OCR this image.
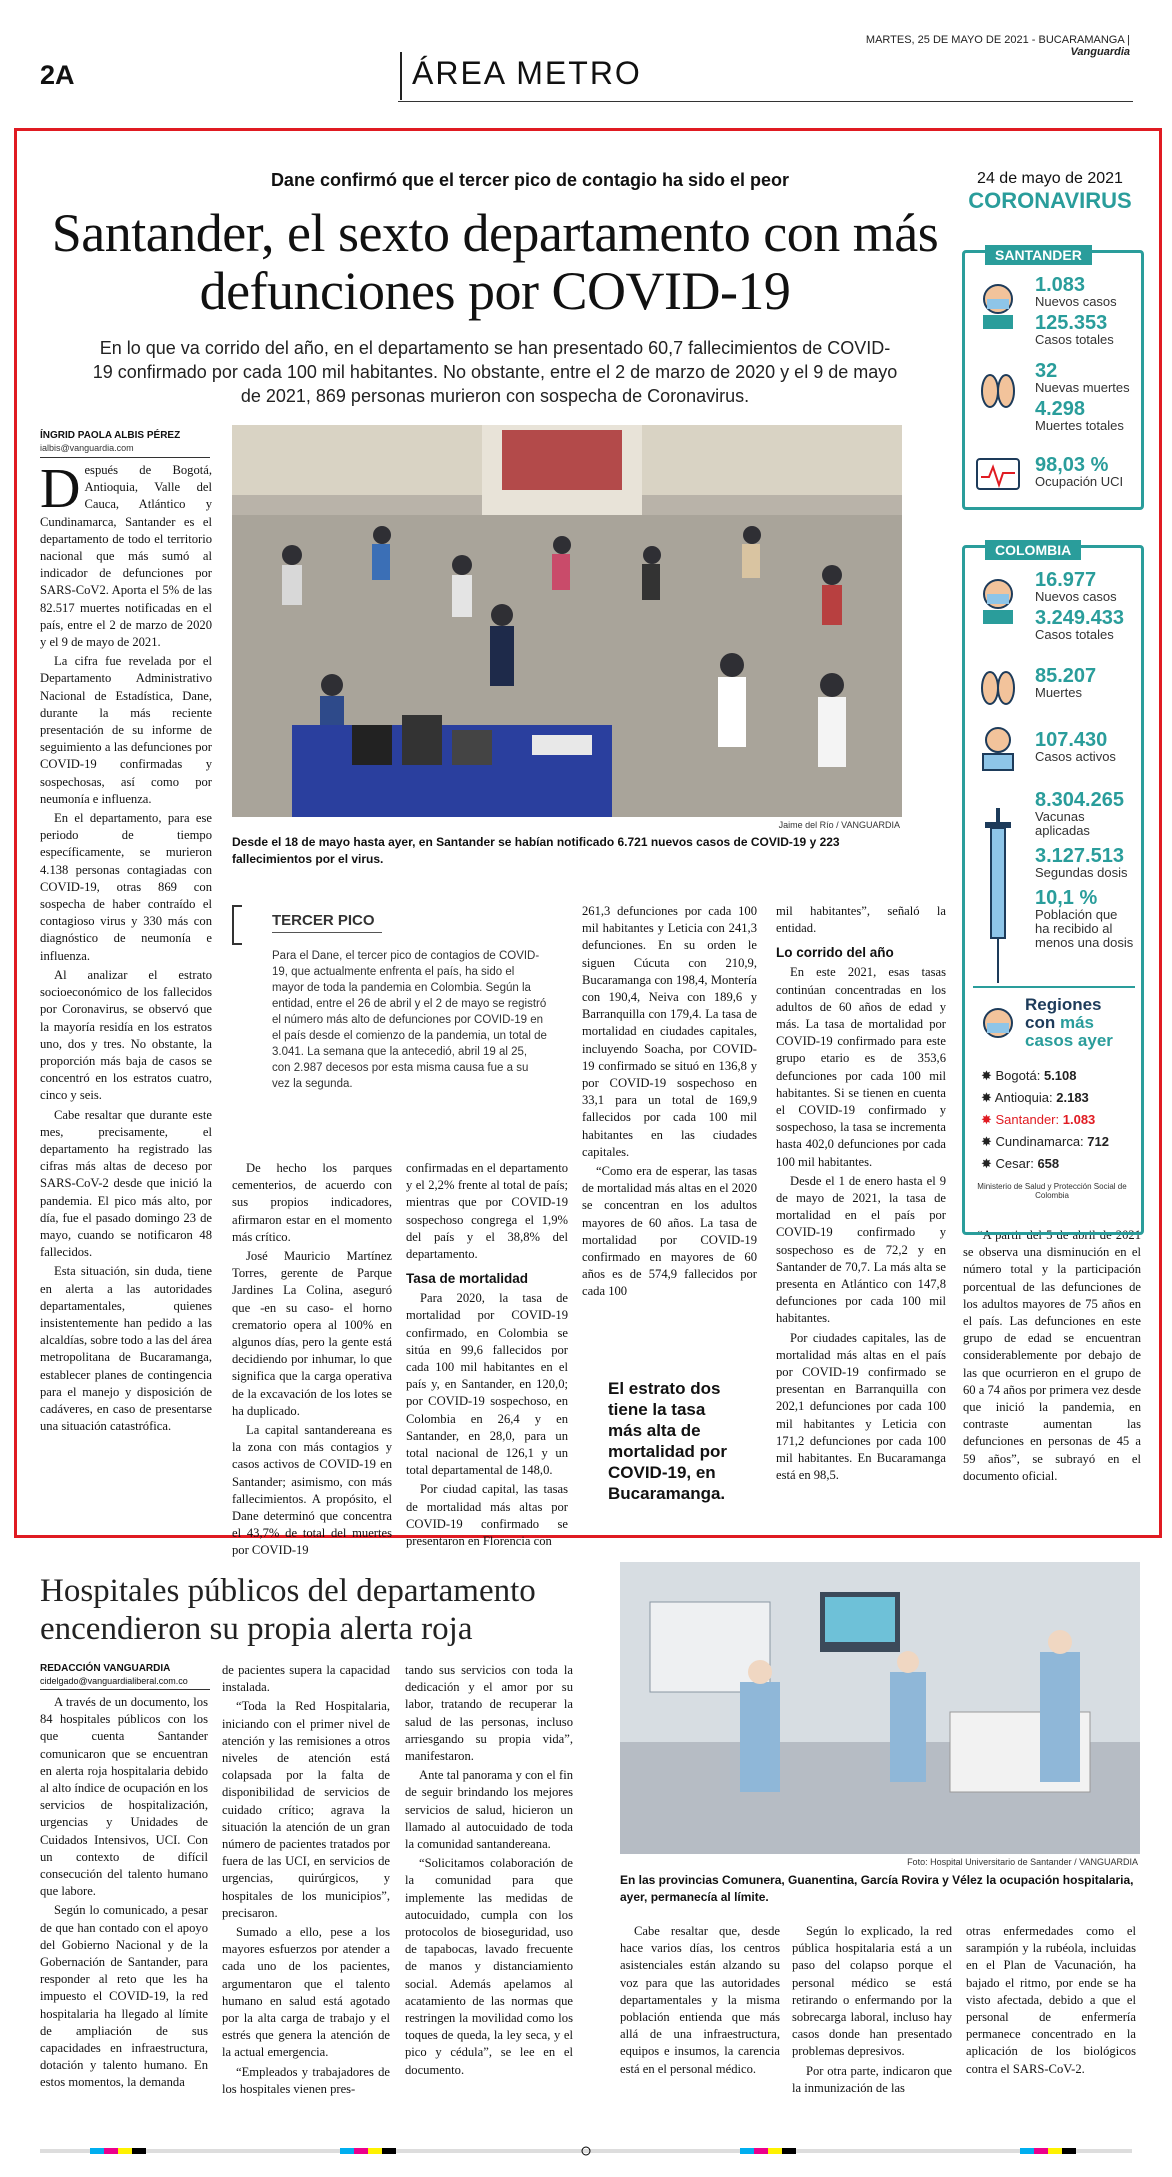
MARTES, 25 DE MAYO DE 2021 - BUCARAMANGA | Vanguardia
2A	ÁREA METRO
Dane confirmó que el tercer pico de contagio ha sido el peor
Santander, el sexto departamento con más defunciones por COVID-19
En lo que va corrido del año, en el departamento se han presentado 60,7 fallecimientos de COVID-19 confirmado por cada 100 mil habitantes. No obstante, entre el 2 de marzo de 2020 y el 9 de mayo de 2021, 869 personas murieron con sospecha de Coronavirus.
ÍNGRID PAOLA ALBIS PÉREZ
ialbis@vanguardia.com

Después de Bogotá, Antioquia, Valle del Cauca, Atlántico y Cundinamarca, Santander es el departamento de todo el territorio nacional que más sumó al indicador de defunciones por SARS-CoV2. Aporta el 5% de las 82.517 muertes notificadas en el país, entre el 2 de marzo de 2020 y el 9 de mayo de 2021.

La cifra fue revelada por el Departamento Administrativo Nacional de Estadística, Dane, durante la más reciente presentación de su informe de seguimiento a las defunciones por COVID-19 confirmadas y sospechosas, así como por neumonía e influenza.

En el departamento, para ese periodo de tiempo específicamente, se murieron 4.138 personas contagiadas con COVID-19, otras 869 con sospecha de haber contraído el contagioso virus y 330 más con diagnóstico de neumonía e influenza.

Al analizar el estrato socioeconómico de los fallecidos por Coronavirus, se observó que la mayoría residía en los estratos uno, dos y tres. No obstante, la proporción más baja de casos se concentró en los estratos cuatro, cinco y seis.

Cabe resaltar que durante este mes, precisamente, el departamento ha registrado las cifras más altas de deceso por SARS-CoV-2 desde que inició la pandemia. El pico más alto, por día, fue el pasado domingo 23 de mayo, cuando se notificaron 48 fallecidos.

Esta situación, sin duda, tiene en alerta a las autoridades departamentales, quienes insistentemente han pedido a las alcaldías, sobre todo a las del área metropolitana de Bucaramanga, establecer planes de contingencia para el manejo y disposición de cadáveres, en caso de presentarse una situación catastrófica.

Jaime del Río / VANGUARDIA
Desde el 18 de mayo hasta ayer, en Santander se habían notificado 6.721 nuevos casos de COVID-19 y 223 fallecimientos por el virus.
TERCER PICO
Para el Dane, el tercer pico de contagios de COVID-19, que actualmente enfrenta el país, ha sido el mayor de toda la pandemia en Colombia. Según la entidad, entre el 26 de abril y el 2 de mayo se registró el número más alto de defunciones por COVID-19 en el país desde el comienzo de la pandemia, un total de 3.041. La semana que la antecedió, abril 19 al 25, con 2.987 decesos por esta misma causa fue a su vez la segunda.

De hecho los parques cementerios, de acuerdo con sus propios indicadores, afirmaron estar en el momento más crítico.

José Mauricio Martínez Torres, gerente de Parque Jardines La Colina, aseguró que -en su caso- el horno crematorio opera al 100% en algunos días, pero la gente está decidiendo por inhumar, lo que significa que la carga operativa de la excavación de los lotes se ha duplicado.

La capital santandereana es la zona con más contagios y casos activos de COVID-19 en Santander; asimismo, con más fallecimientos. A propósito, el Dane determinó que concentra el 43,7% de total del muertes por COVID-19

confirmadas en el departamento y el 2,2% frente al total de país; mientras que por COVID-19 sospechoso congrega el 1,9% del país y el 38,8% del departamento.

Tasa de mortalidad

Para 2020, la tasa de mortalidad por COVID-19 confirmado, en Colombia se sitúa en 99,6 fallecidos por cada 100 mil habitantes en el país y, en Santander, en 120,0; por COVID-19 sospechoso, en Colombia en 26,4 y en Santander, en 28,0, para un total nacional de 126,1 y un total departamental de 148,0.

Por ciudad capital, las tasas de mortalidad más altas por COVID-19 confirmado se presentaron en Florencia con

261,3 defunciones por cada 100 mil habitantes y Leticia con 241,3 defunciones. En su orden le siguen Cúcuta con 210,9, Bucaramanga con 198,4, Montería con 190,4, Neiva con 189,6 y Barranquilla con 179,4. La tasa de mortalidad en ciudades capitales, incluyendo Soacha, por COVID-19 confirmado se situó en 136,8 y por COVID-19 sospechoso en 33,1 para un total de 169,9 fallecidos por cada 100 mil habitantes en las ciudades capitales.

“Como era de esperar, las tasas de mortalidad más altas en el 2020 se concentran en los adultos mayores de 60 años. La tasa de mortalidad por COVID-19 confirmado en mayores de 60 años es de 574,9 fallecidos por cada 100

El estrato dos tiene la tasa más alta de mortalidad por COVID-19, en Bucaramanga.

mil habitantes”, señaló la entidad.

Lo corrido del año

En este 2021, esas tasas continúan concentradas en los adultos de 60 años de edad y más. La tasa de mortalidad por COVID-19 confirmado para este grupo etario es de 353,6 defunciones por cada 100 mil habitantes. Si se tienen en cuenta el COVID-19 confirmado y sospechoso, la tasa se incrementa hasta 402,0 defunciones por cada 100 mil habitantes.

Desde el 1 de enero hasta el 9 de mayo de 2021, la tasa de mortalidad en el país por COVID-19 confirmado y sospechoso es de 72,2 y en Santander de 70,7. La más alta se presenta en Atlántico con 147,8 defunciones por cada 100 mil habitantes.

Por ciudades capitales, las de mortalidad más altas en el país por COVID-19 confirmado se presentan en Barranquilla con 202,1 defunciones por cada 100 mil habitantes y Leticia con 171,2 defunciones por cada 100 mil habitantes. En Bucaramanga está en 98,5.

“A partir del 5 de abril de 2021 se observa una disminución en el número total y la participación porcentual de las defunciones de los adultos mayores de 75 años en el país. Las defunciones en este grupo de edad se encuentran considerablemente por debajo de las que ocurrieron en el grupo de 60 a 74 años por primera vez desde que inició la pandemia, en contraste aumentan las defunciones en personas de 45 a 59 años”, se subrayó en el documento oficial.

24 de mayo de 2021
CORONAVIRUS
SANTANDER
1.083
Nuevos casos
125.353
Casos totales
32
Nuevas muertes
4.298
Muertes totales
98,03 %
Ocupación UCI
COLOMBIA
16.977
Nuevos casos
3.249.433
Casos totales
85.207
Muertes
107.430
Casos activos
8.304.265
Vacunas aplicadas
3.127.513
Segundas dosis
10,1 %
Población que ha recibido al menos una dosis
Regiones
con más
casos ayer
✸ Bogotá: 5.108
✸ Antioquia: 2.183
✸ Santander: 1.083
✸ Cundinamarca: 712
✸ Cesar: 658
Ministerio de Salud y Protección Social de Colombia
Hospitales públicos del departamento encendieron su propia alerta roja
REDACCIÓN VANGUARDIA
cidelgado@vanguardialiberal.com.co

A través de un documento, los 84 hospitales públicos con los que cuenta Santander comunicaron que se encuentran en alerta roja hospitalaria debido al alto índice de ocupación en los servicios de hospitalización, urgencias y Unidades de Cuidados Intensivos, UCI. Con un contexto de difícil consecución del talento humano que labore.

Según lo comunicado, a pesar de que han contado con el apoyo del Gobierno Nacional y de la Gobernación de Santander, para responder al reto que les ha impuesto el COVID-19, la red hospitalaria ha llegado al límite de ampliación de sus capacidades en infraestructura, dotación y talento humano. En estos momentos, la demanda

de pacientes supera la capacidad instalada.

“Toda la Red Hospitalaria, iniciando con el primer nivel de atención y las remisiones a otros niveles de atención está colapsada por la falta de disponibilidad de servicios de cuidado crítico; agrava la situación la atención de un gran número de pacientes tratados por fuera de las UCI, en servicios de urgencias, quirúrgicos, y hospitales de los municipios”, precisaron.

Sumado a ello, pese a los mayores esfuerzos por atender a cada uno de los pacientes, argumentaron que el talento humano en salud está agotado por la alta carga de trabajo y el estrés que genera la atención de la actual emergencia.

“Empleados y trabajadores de los hospitales vienen pres-

tando sus servicios con toda la dedicación y el amor por su labor, tratando de recuperar la salud de las personas, incluso arriesgando su propia vida”, manifestaron.

Ante tal panorama y con el fin de seguir brindando los mejores servicios de salud, hicieron un llamado al autocuidado de toda la comunidad santandereana.

“Solicitamos colaboración de la comunidad para que implemente las medidas de autocuidado, cumpla con los protocolos de bioseguridad, uso de tapabocas, lavado frecuente de manos y distanciamiento social. Además apelamos al acatamiento de las normas que restringen la movilidad como los toques de queda, la ley seca, y el pico y cédula”, se lee en el documento.

Foto: Hospital Universitario de Santander / VANGUARDIA
En las provincias Comunera, Guanentina, García Rovira y Vélez la ocupación hospitalaria, ayer, permanecía al límite.

Cabe resaltar que, desde hace varios días, los centros asistenciales están alzando su voz para que las autoridades departamentales y la misma población entienda que más allá de una infraestructura, equipos e insumos, la carencia está en el personal médico.

Según lo explicado, la red pública hospitalaria está a un paso del colapso porque el personal médico se está retirando o enfermando por la sobrecarga laboral, incluso hay casos donde han presentado problemas depresivos.

Por otra parte, indicaron que la inmunización de las

otras enfermedades como el sarampión y la rubéola, incluidas en el Plan de Vacunación, ha bajado el ritmo, por ende se ha visto afectada, debido a que el personal de enfermería permanece concentrado en la aplicación de los biológicos contra el SARS-CoV-2.
